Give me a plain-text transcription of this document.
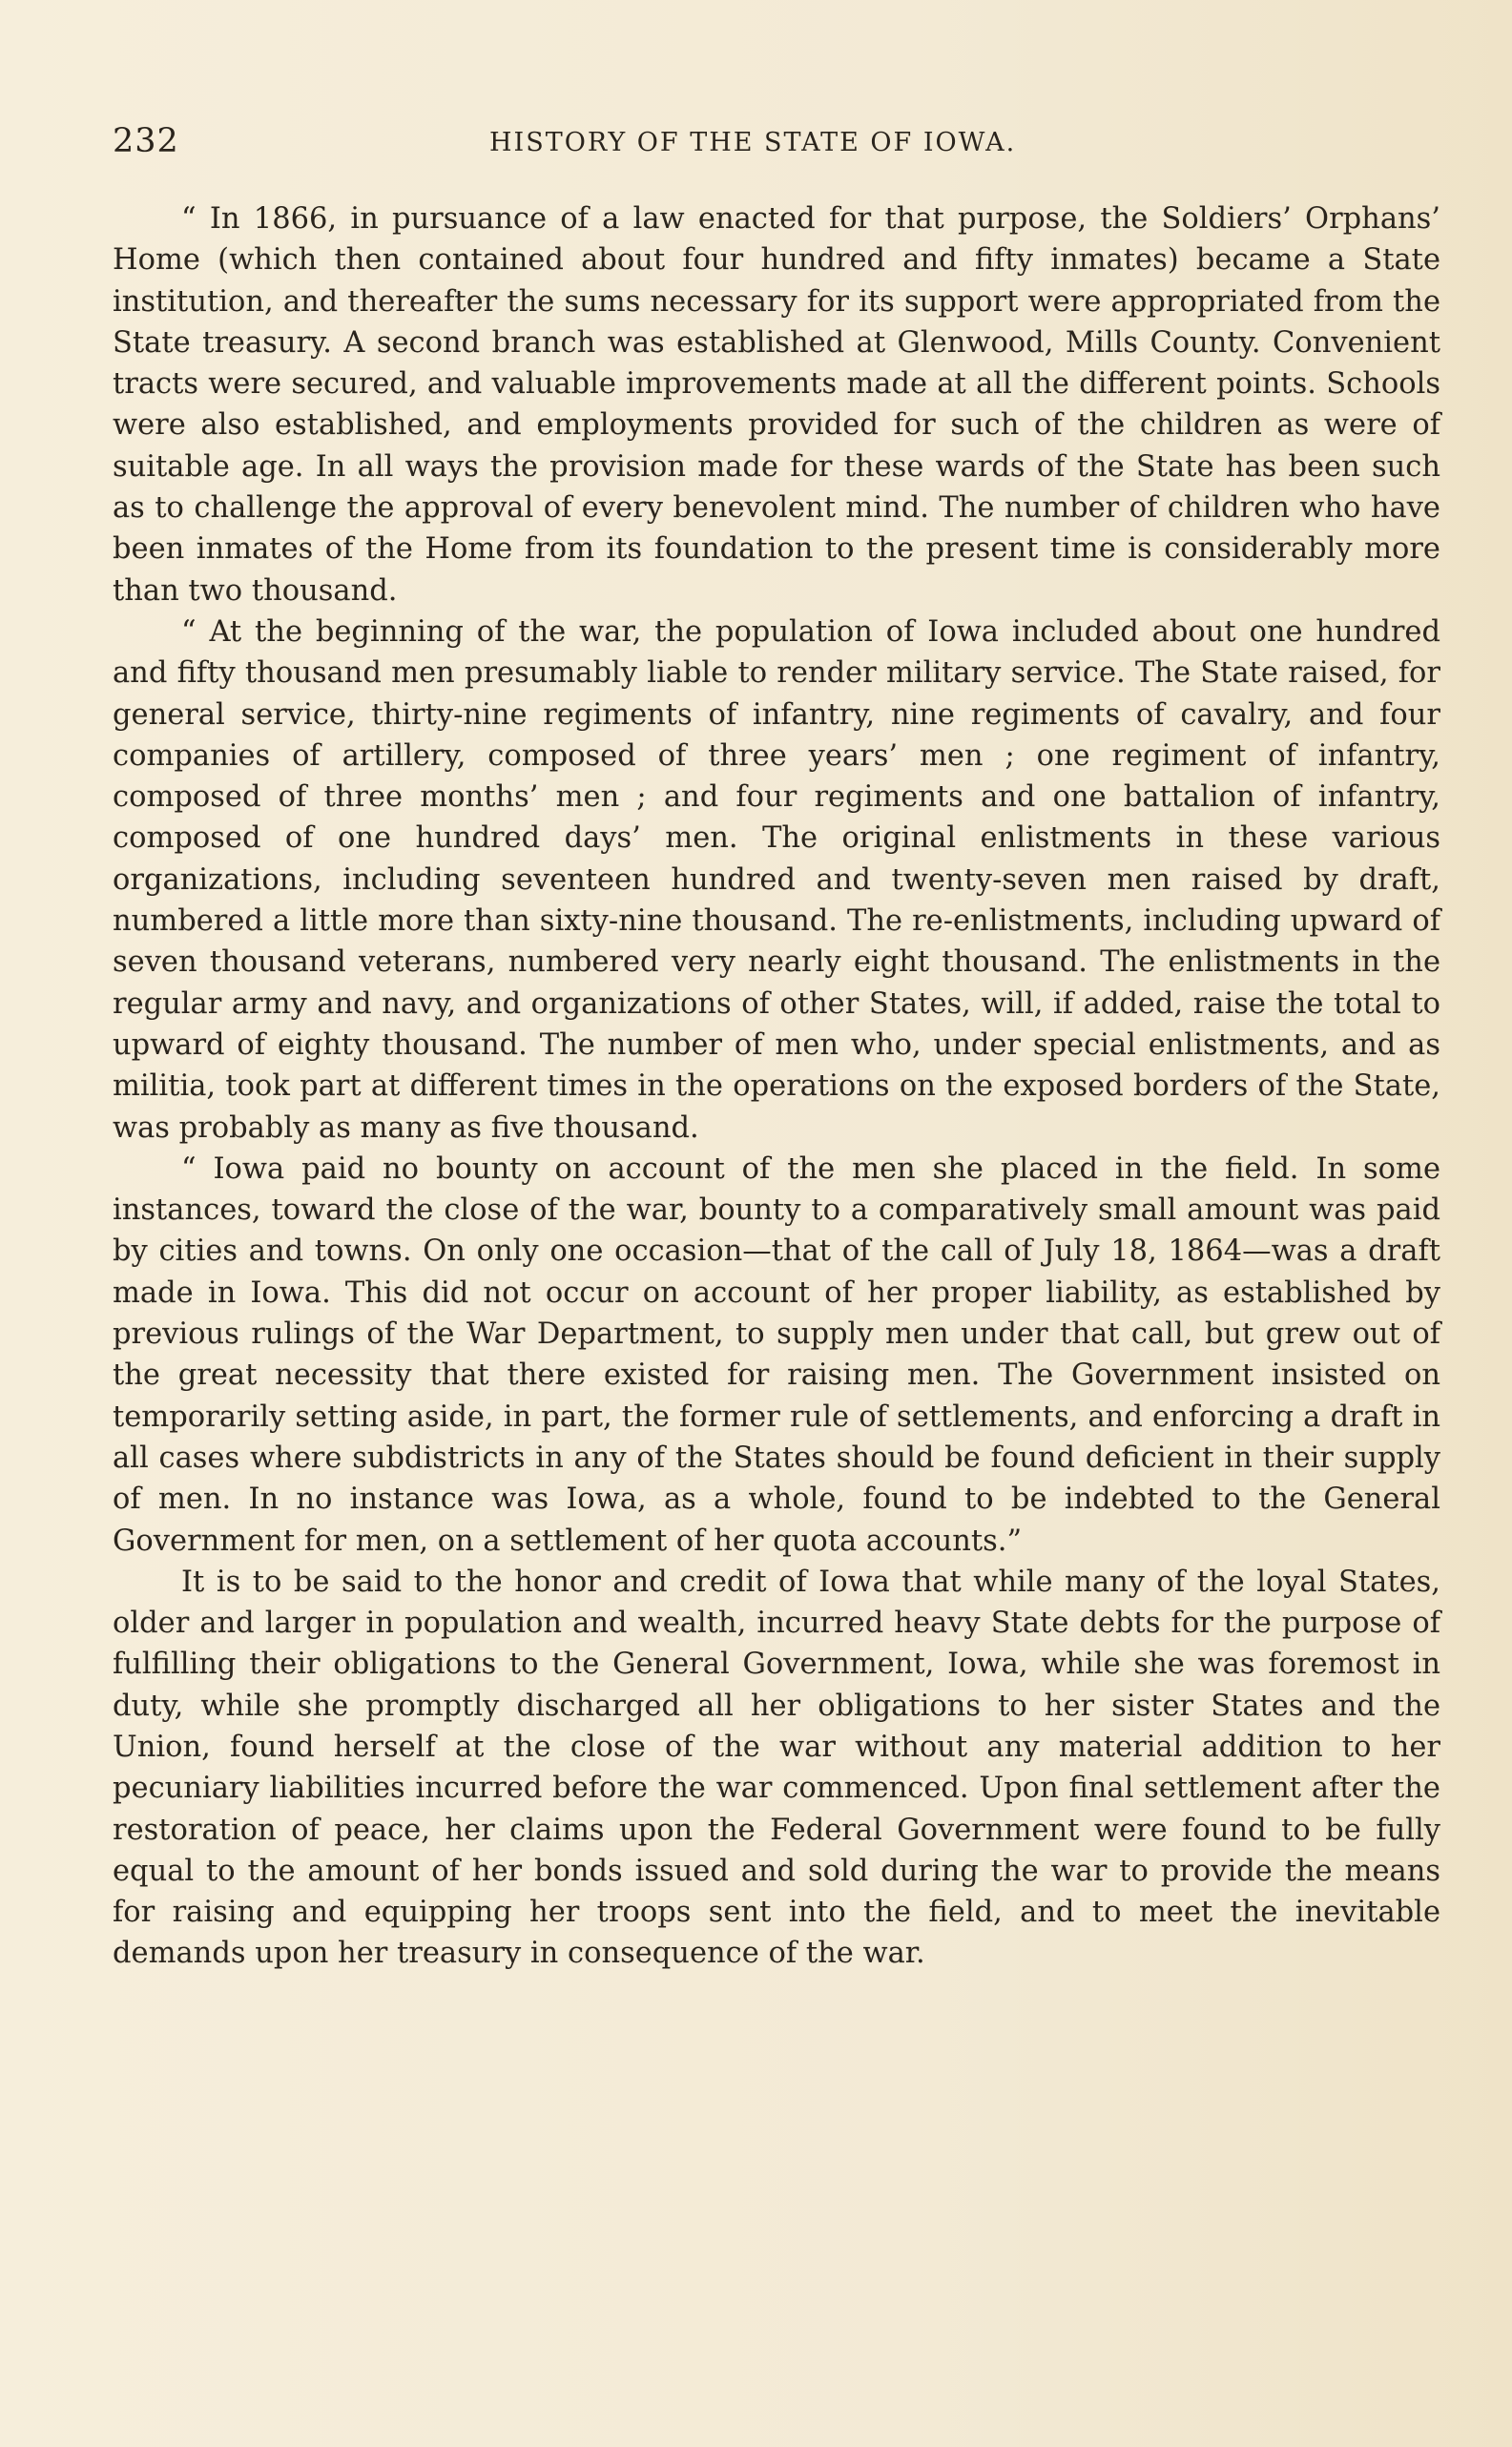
232	HISTORY OF THE STATE OF IOWA.

“ In 1866, in pursuance of a law enacted for that purpose, the Soldiers’ Orphans’ Home (which then contained about four hundred and fifty inmates) became a State institution, and thereafter the sums necessary for its support were appropriated from the State treasury. A second branch was established at Glenwood, Mills County. Convenient tracts were secured, and valuable improvements made at all the different points. Schools were also established, and employments provided for such of the children as were of suitable age. In all ways the provision made for these wards of the State has been such as to challenge the approval of every benevolent mind. The number of children who have been inmates of the Home from its foundation to the present time is considerably more than two thousand.

“ At the beginning of the war, the population of Iowa included about one hundred and fifty thousand men presumably liable to render military service. The State raised, for general service, thirty-nine regiments of infantry, nine regiments of cavalry, and four companies of artillery, composed of three years’ men ; one regiment of infantry, composed of three months’ men ; and four regiments and one battalion of infantry, composed of one hundred days’ men. The original enlistments in these various organizations, including seventeen hundred and twenty-seven men raised by draft, numbered a little more than sixty-nine thousand. The re-enlistments, including upward of seven thousand veterans, numbered very nearly eight thousand. The enlistments in the regular army and navy, and organizations of other States, will, if added, raise the total to upward of eighty thousand. The number of men who, under special enlistments, and as militia, took part at different times in the operations on the exposed borders of the State, was probably as many as five thousand.

“ Iowa paid no bounty on account of the men she placed in the field. In some instances, toward the close of the war, bounty to a comparatively small amount was paid by cities and towns. On only one occasion—that of the call of July 18, 1864—was a draft made in Iowa. This did not occur on account of her proper liability, as established by previous rulings of the War Department, to supply men under that call, but grew out of the great necessity that there existed for raising men. The Government insisted on temporarily setting aside, in part, the former rule of settlements, and enforcing a draft in all cases where subdistricts in any of the States should be found deficient in their supply of men. In no instance was Iowa, as a whole, found to be indebted to the General Government for men, on a settlement of her quota accounts.”

It is to be said to the honor and credit of Iowa that while many of the loyal States, older and larger in population and wealth, incurred heavy State debts for the purpose of fulfilling their obligations to the General Government, Iowa, while she was foremost in duty, while she promptly discharged all her obligations to her sister States and the Union, found herself at the close of the war without any material addition to her pecuniary liabilities incurred before the war commenced. Upon final settlement after the restoration of peace, her claims upon the Federal Government were found to be fully equal to the amount of her bonds issued and sold during the war to provide the means for raising and equipping her troops sent into the field, and to meet the inevitable demands upon her treasury in consequence of the war.
